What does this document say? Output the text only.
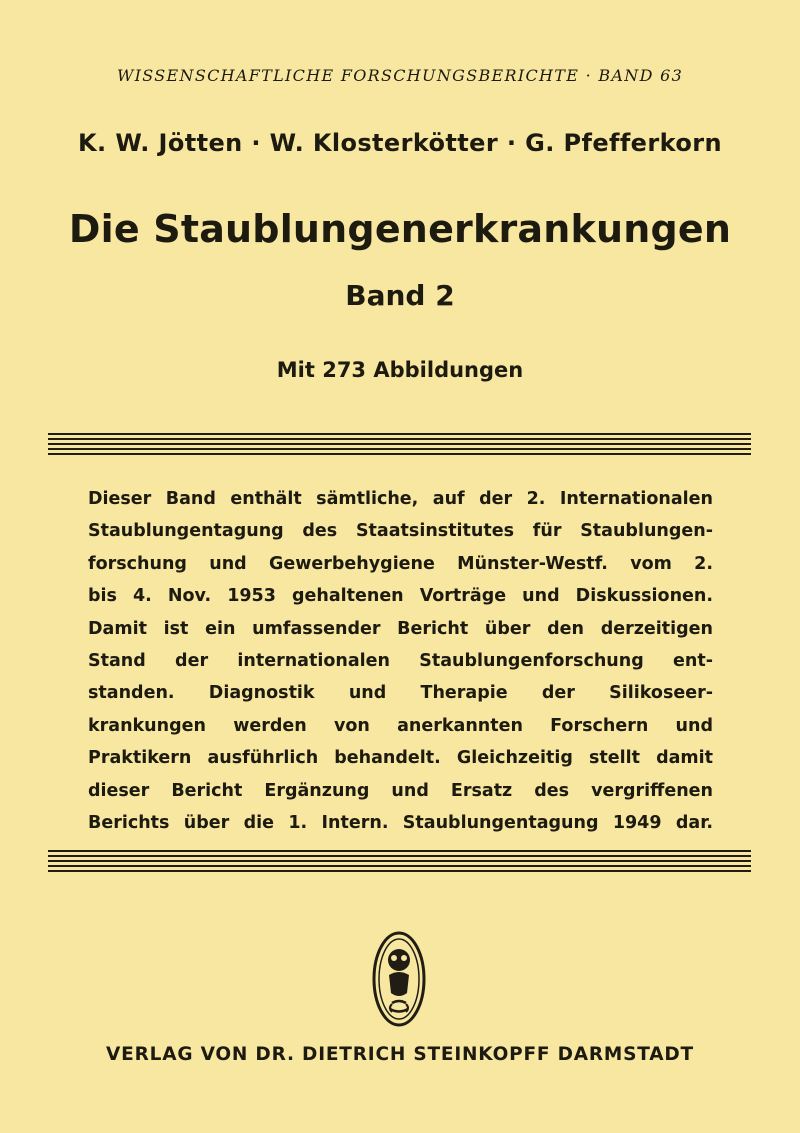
WISSENSCHAFTLICHE FORSCHUNGSBERICHTE · BAND 63
K. W. Jötten · W. Klosterkötter · G. Pfefferkorn
Die Staublungenerkrankungen
Band 2
Mit 273 Abbildungen
Dieser Band enthält sämtliche, auf der 2. Internationalen
Staublungentagung des Staatsinstitutes für Staublungen-
forschung und Gewerbehygiene Münster-Westf. vom 2.
bis 4. Nov. 1953 gehaltenen Vorträge und Diskussionen.
Damit ist ein umfassender Bericht über den derzeitigen
Stand der internationalen Staublungenforschung ent-
standen. Diagnostik und Therapie der Silikoseer-
krankungen werden von anerkannten Forschern und
Praktikern ausführlich behandelt. Gleichzeitig stellt damit
dieser Bericht Ergänzung und Ersatz des vergriffenen
Berichts über die 1. Intern. Staublungentagung 1949 dar.
VERLAG VON DR. DIETRICH STEINKOPFF DARMSTADT
